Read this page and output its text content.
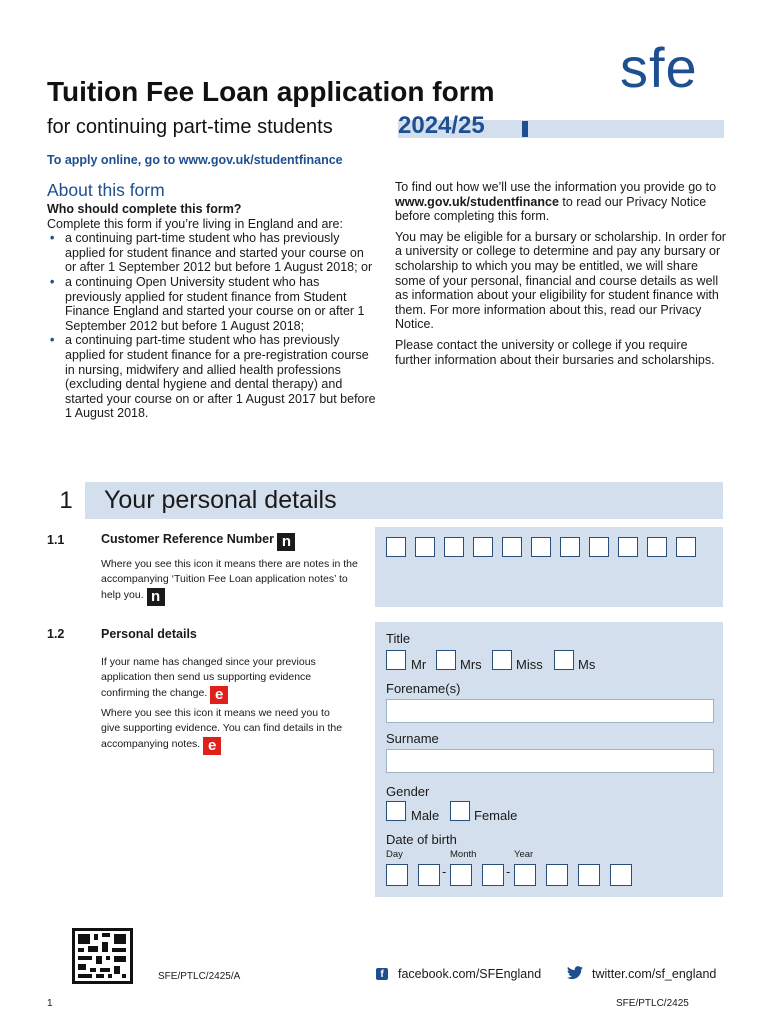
Tuition Fee Loan application form sfe
for continuing part-time students	2024/25
To apply online, go to www.gov.uk/studentfinance
About this form
Who should complete this form?
Complete this form if you’re living in England and are:
• a continuing part-time student who has previously applied for student finance and started your course on or after 1 September 2012 but before 1 August 2018; or
• a continuing Open University student who has previously applied for student finance from Student Finance England and started your course on or after 1 September 2012 but before 1 August 2018;
• a continuing part-time student who has previously applied for student finance for a pre-registration course in nursing, midwifery and allied health professions (excluding dental hygiene and dental therapy) and started your course on or after 1 August 2017 but before 1 August 2018.

To find out how we’ll use the information you provide go to www.gov.uk/studentfinance to read our Privacy Notice before completing this form.

You may be eligible for a bursary or scholarship. In order for a university or college to determine and pay any bursary or scholarship to which you may be entitled, we will share some of your personal, financial and course details as well as information about your eligibility for student finance with them. For more information about this, read our Privacy Notice.

Please contact the university or college if you require further information about their bursaries and scholarships.

1 Your personal details
1.1	Customer Reference Number n
Where you see this icon it means there are notes in the accompanying ‘Tuition Fee Loan application notes’ to help you. n
1.2	Personal details
If your name has changed since your previous application then send us supporting evidence confirming the change. e
Where you see this icon it means we need you to give supporting evidence. You can find details in the accompanying notes. e
Title
Mr	Mrs	Miss	Ms
Forename(s)
Surname
Gender
Male	Female
Date of birth
Day	Month	Year
-	-
SFE/PTLC/2425/A	f	facebook.com/SFEngland	twitter.com/sf_england
1	SFE/PTLC/2425
